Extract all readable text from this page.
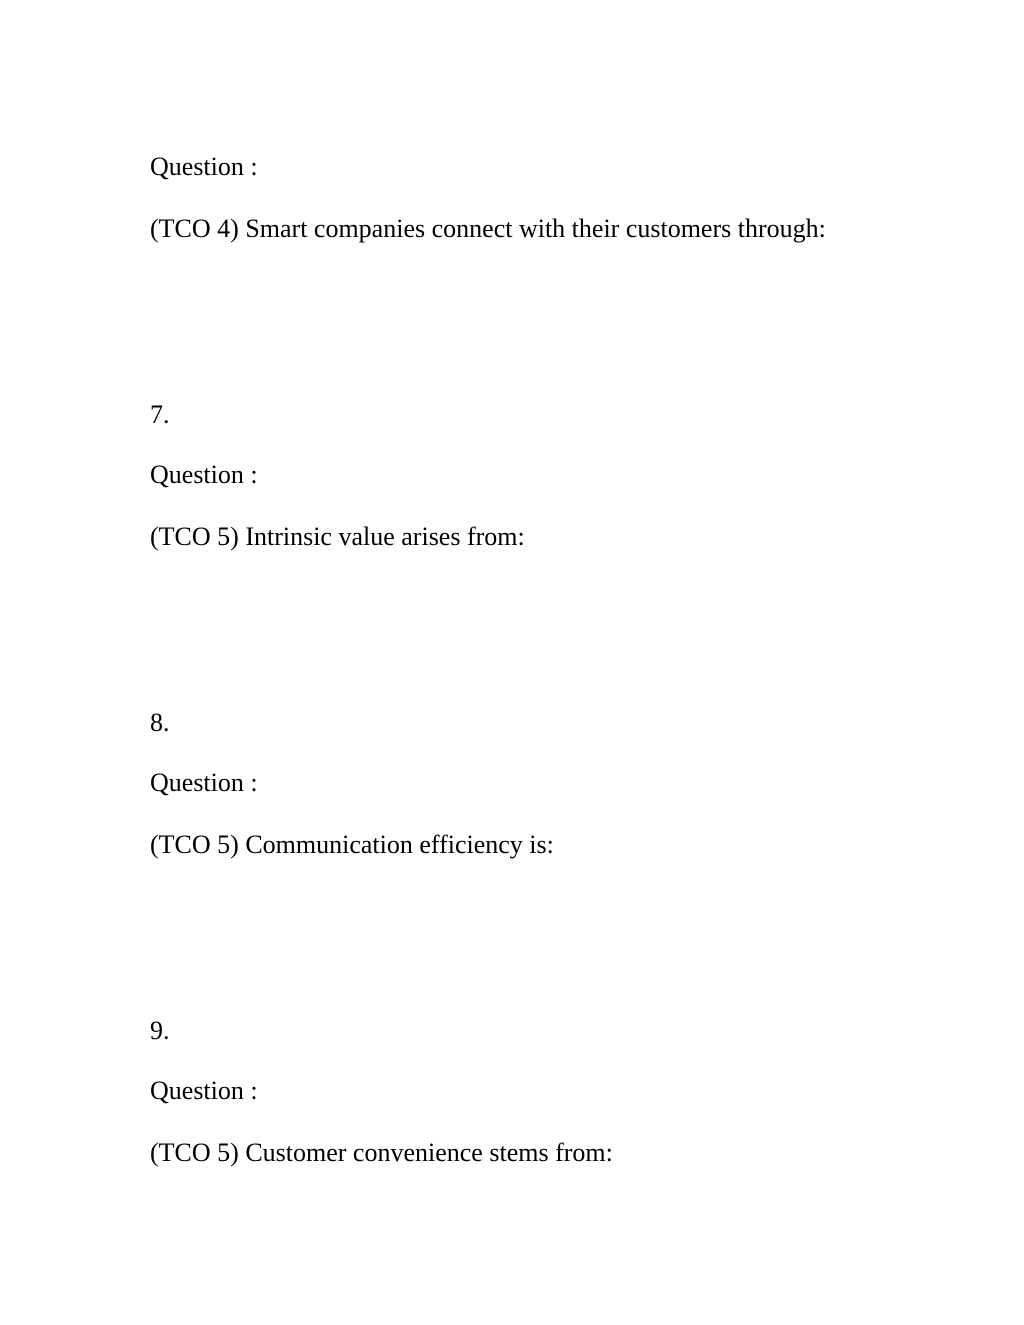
Question :

(TCO 4) Smart companies connect with their customers through:

7.

Question :

(TCO 5) Intrinsic value arises from:

8.

Question :

(TCO 5) Communication efficiency is:

9.

Question :

(TCO 5) Customer convenience stems from:
